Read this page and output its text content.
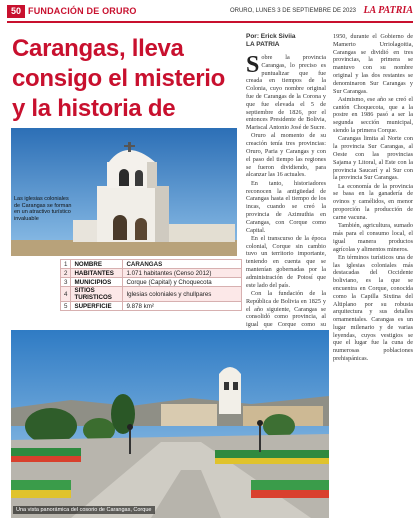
50 FUNDACIÓN DE ORURO	ORURO, LUNES 3 DE SEPTIEMBRE DE 2023 LA PATRIA
Carangas, lleva consigo el misterio y la historia de
Por: Erick Siviia
LA PATRIA

Sobre la provincia Carangas, lo preciso es puntualizar que fue creada en tiempos de la Colonia, cuyo nombre original fue de Carangas de la Corona y que fue elevada el 5 de septiembre de 1826, por el entonces Presidente de Bolivia, Mariscal Antonio José de Sucre.

Oruro al momento de su creación tenía tres provincias: Oruro, Paria y Carangas y con el paso del tiempo las regiones se fueron dividiendo, para alcanzar las 16 actuales.

En tanto, historiadores reconocen la antigüedad de Carangas hasta el tiempo de los incas, cuando se creó la provincia de Azimuthia en Carangas, con Corque como Capital.

En el transcurso de la época colonial, Corque sin cambio tuvo un territorio importante, teniendo en cuenta que se mantenían gobernadas por la administración de Potosí que este lado del país.

Con la fundación de la República de Bolivia en 1825 y el año siguiente, Carangas se consolidó como provincia, al igual que Corque como su

1950, durante el Gobierno de Mamerto Urriolagoitia, Carangas se dividió en tres provincias, la primera se mantuvo con su nombre original y las dos restantes se denominaron Sur Carangas y Sur Carangas.

Asimismo, ese año se creó el cantón Choquecota, que a la postre en 1986 pasó a ser la segunda sección municipal, siendo la primera Corque.

Carangas limita al Norte con la provincia Sur Carangas, al Oeste con las provincias Sajama y Litoral, al Este con la provincia Saucarí y al Sur con la provincia Sur Carangas.

La economía de la provincia se basa en la ganadería de ovinos y camélidos, en menor proporción la producción de carne vacuna.

También, agricultura, sumado más para el consumo local, el igual manera productos agrícolas y alimentos mineros.

En términos turísticos una de las iglesias coloniales más destacadas del Occidente boliviano, es la que se encuentra en Corque, conocida como la Capilla Sixtina del Altiplano por su robusta arquitectura y sus detalles ornamentales. Carangas es un lugar milenario y de varias leyendas, cuyos vestigios se

Las iglesias coloniales de Carangas se forman en un atractivo turístico invaluable
1	NOMBRE	CARANGAS
2	HABITANTES	1.071 habitantes (Censo 2012)
3	MUNICIPIOS	Corque (Capital) y Choquecota
4	SITIOS TURISTICOS	Iglesias coloniales y chullpares
5	SUPERFICIE	9.878 km²
Una vista panorámica del cosorio de Carangas, Corque

que el lugar fue la cuna de numerosas poblaciones prehispánicas.
